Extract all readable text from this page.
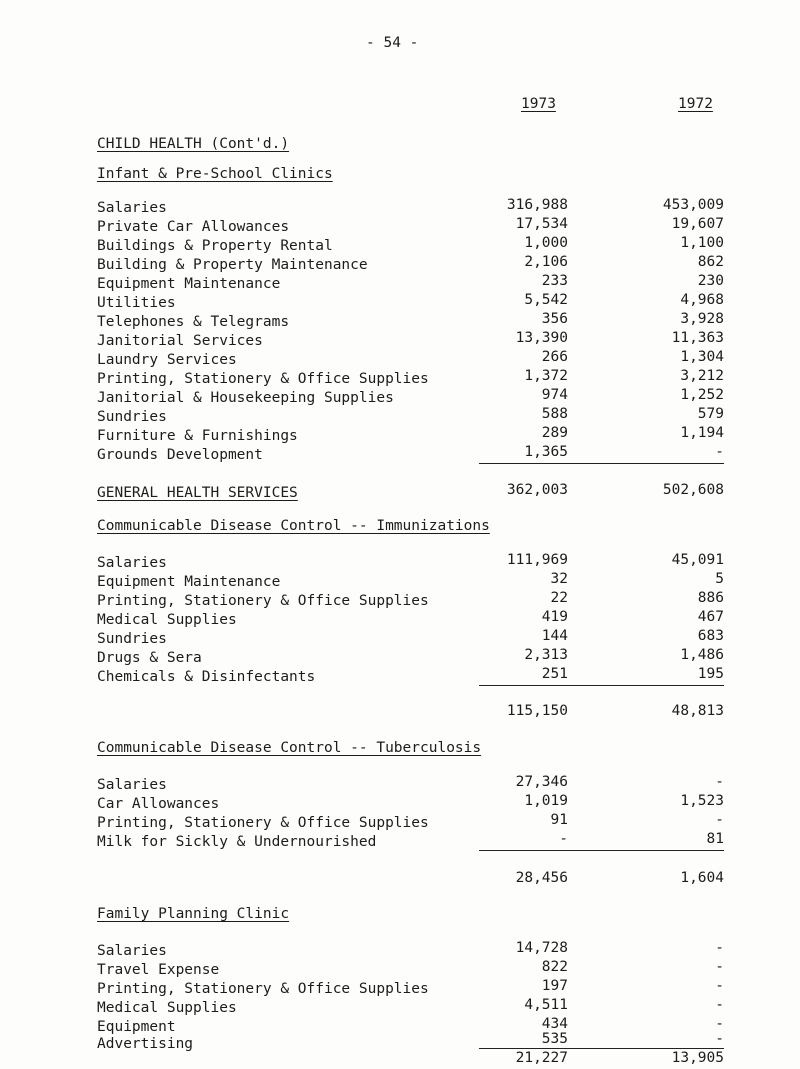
- 54 -
1973	1972
CHILD HEALTH (Cont'd.)
Infant & Pre-School Clinics
Salaries	316,988	453,009
Private Car Allowances	17,534	19,607
Buildings & Property Rental	1,000	1,100
Building & Property Maintenance	2,106	862
Equipment Maintenance	233	230
Utilities	5,542	4,968
Telephones & Telegrams	356	3,928
Janitorial Services	13,390	11,363
Laundry Services	266	1,304
Printing, Stationery & Office Supplies	1,372	3,212
Janitorial & Housekeeping Supplies	974	1,252
Sundries	588	579
Furniture & Furnishings	289	1,194
Grounds Development	1,365	-
362,003	502,608
GENERAL HEALTH SERVICES
Communicable Disease Control -- Immunizations
Salaries	111,969	45,091
Equipment Maintenance	32	5
Printing, Stationery & Office Supplies	22	886
Medical Supplies	419	467
Sundries	144	683
Drugs & Sera	2,313	1,486
Chemicals & Disinfectants	251	195
115,150	48,813
Communicable Disease Control -- Tuberculosis
Salaries	27,346	-
Car Allowances	1,019	1,523
Printing, Stationery & Office Supplies	91	-
Milk for Sickly & Undernourished	-	81
28,456	1,604
Family Planning Clinic
Salaries	14,728	-
Travel Expense	822	-
Printing, Stationery & Office Supplies	197	-
Medical Supplies	4,511	-
Equipment	434	-
Advertising	535	-
21,227	13,905
